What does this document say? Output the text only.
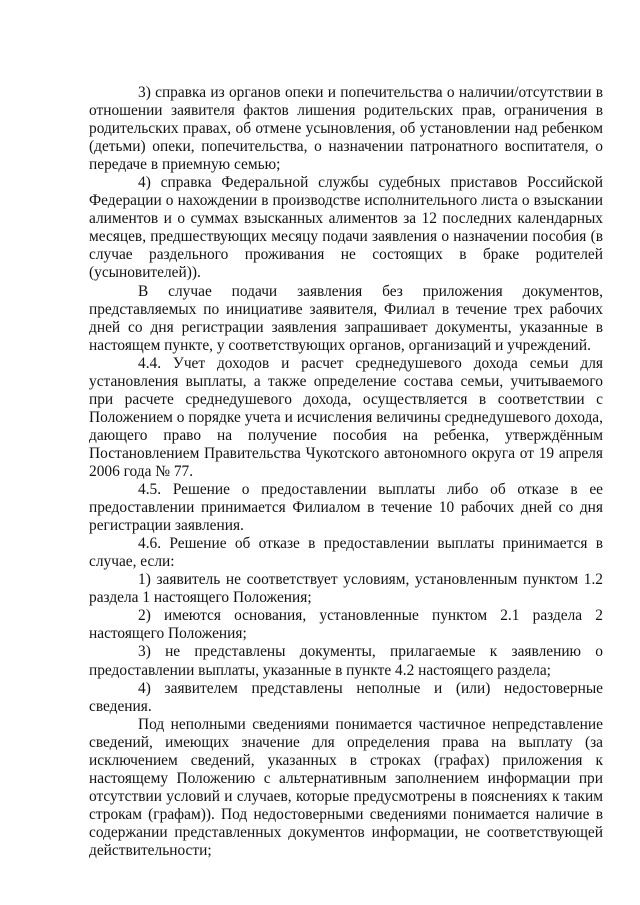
3) справка из органов опеки и попечительства о наличии/отсутствии в отношении заявителя фактов лишения родительских прав, ограничения в родительских правах, об отмене усыновления, об установлении над ребенком (детьми) опеки, попечительства, о назначении патронатного воспитателя, о передаче в приемную семью;

4) справка Федеральной службы судебных приставов Российской Федерации о нахождении в производстве исполнительного листа о взыскании алиментов и о суммах взысканных алиментов за 12 последних календарных месяцев, предшествующих месяцу подачи заявления о назначении пособия (в случае раздельного проживания не состоящих в браке родителей (усыновителей)).

В случае подачи заявления без приложения документов, представляемых по инициативе заявителя, Филиал в течение трех рабочих дней со дня регистрации заявления запрашивает документы, указанные в настоящем пункте, у соответствующих органов, организаций и учреждений.

4.4. Учет доходов и расчет среднедушевого дохода семьи для установления выплаты, а также определение состава семьи, учитываемого при расчете среднедушевого дохода, осуществляется в соответствии с Положением о порядке учета и исчисления величины среднедушевого дохода, дающего право на получение пособия на ребенка, утверждённым Постановлением Правительства Чукотского автономного округа от 19 апреля 2006 года № 77.

4.5. Решение о предоставлении выплаты либо об отказе в ее предоставлении принимается Филиалом в течение 10 рабочих дней со дня регистрации заявления.

4.6. Решение об отказе в предоставлении выплаты принимается в случае, если:

1) заявитель не соответствует условиям, установленным пунктом 1.2 раздела 1 настоящего Положения;

2) имеются основания, установленные пунктом 2.1 раздела 2 настоящего Положения;

3) не представлены документы, прилагаемые к заявлению о предоставлении выплаты, указанные в пункте 4.2 настоящего раздела;

4) заявителем представлены неполные и (или) недостоверные сведения.

Под неполными сведениями понимается частичное непредставление сведений, имеющих значение для определения права на выплату (за исключением сведений, указанных в строках (графах) приложения к настоящему Положению с альтернативным заполнением информации при отсутствии условий и случаев, которые предусмотрены в пояснениях к таким строкам (графам)). Под недостоверными сведениями понимается наличие в содержании представленных документов информации, не соответствующей действительности;
